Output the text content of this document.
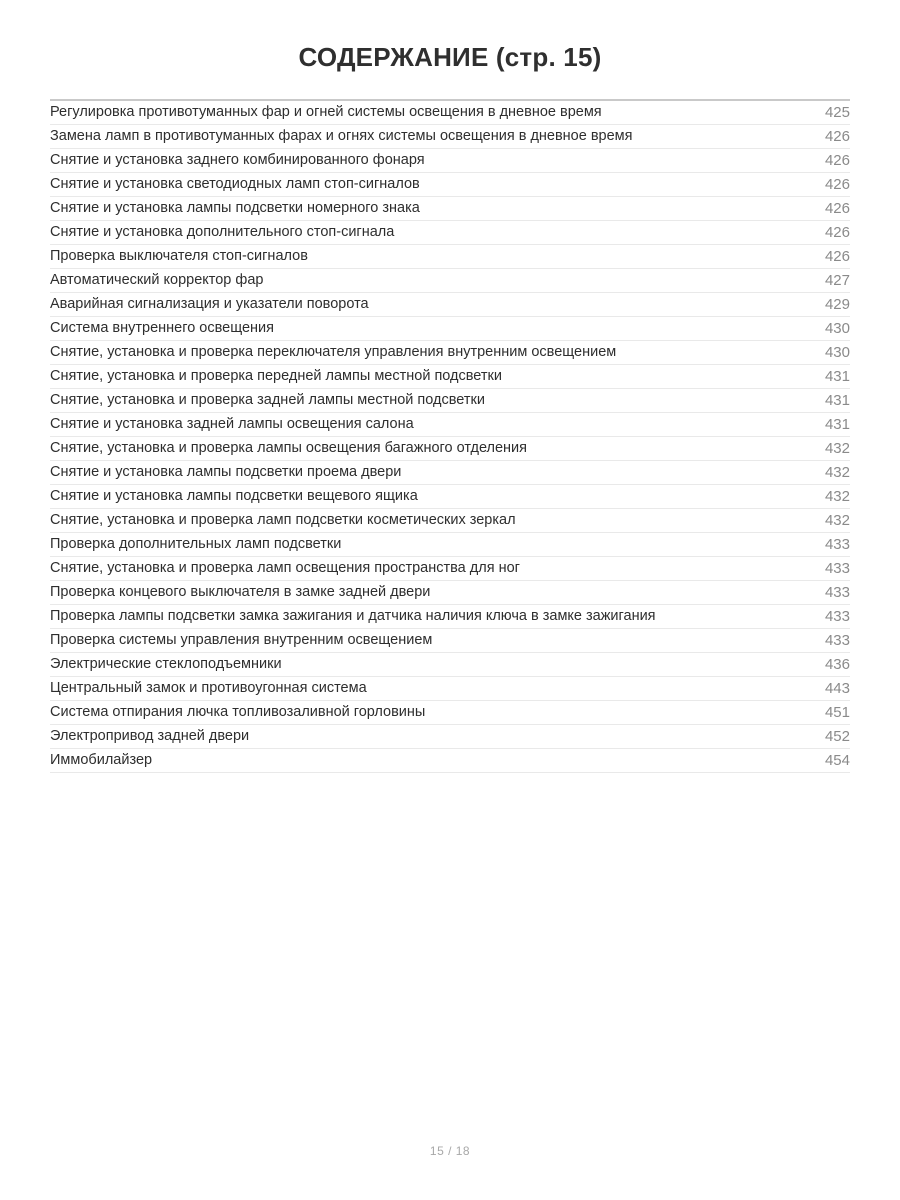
СОДЕРЖАНИЕ (стр. 15)
Регулировка противотуманных фар и огней системы освещения в дневное время	425
Замена ламп в противотуманных фарах и огнях системы освещения в дневное время	426
Снятие и установка заднего комбинированного фонаря	426
Снятие и установка светодиодных ламп стоп-сигналов	426
Снятие и установка лампы подсветки номерного знака	426
Снятие и установка дополнительного стоп-сигнала	426
Проверка выключателя стоп-сигналов	426
Автоматический корректор фар	427
Аварийная сигнализация и указатели поворота	429
Система внутреннего освещения	430
Снятие, установка и проверка переключателя управления внутренним освещением	430
Снятие, установка и проверка передней лампы местной подсветки	431
Снятие, установка и проверка задней лампы местной подсветки	431
Снятие и установка задней лампы освещения салона	431
Снятие, установка и проверка лампы освещения багажного отделения	432
Снятие и установка лампы подсветки проема двери	432
Снятие и установка лампы подсветки вещевого ящика	432
Снятие, установка и проверка ламп подсветки косметических зеркал	432
Проверка дополнительных ламп подсветки	433
Снятие, установка и проверка ламп освещения пространства для ног	433
Проверка концевого выключателя в замке задней двери	433
Проверка лампы подсветки замка зажигания и датчика наличия ключа в замке зажигания	433
Проверка системы управления внутренним освещением	433
Электрические стеклоподъемники	436
Центральный замок и противоугонная система	443
Система отпирания лючка топливозаливной горловины	451
Электропривод задней двери	452
Иммобилайзер	454
15 / 18
